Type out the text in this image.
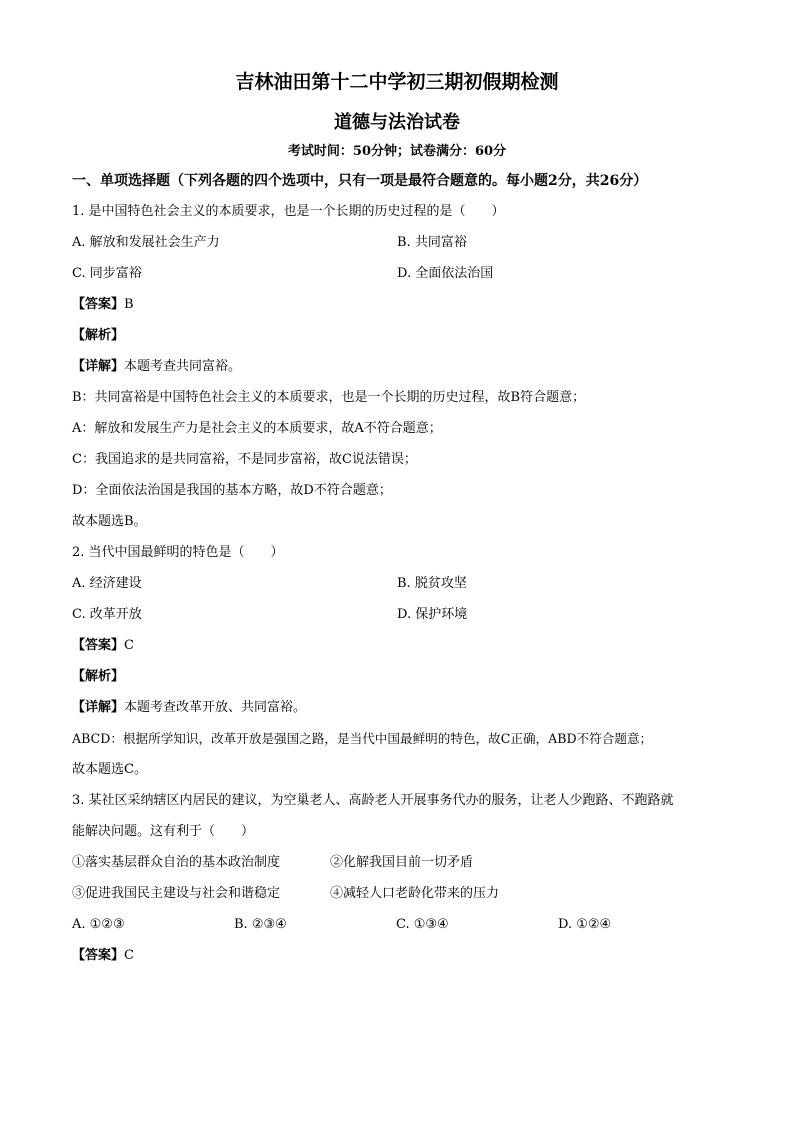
吉林油田第十二中学初三期初假期检测
道德与法治试卷
考试时间：50分钟；试卷满分：60分
一、单项选择题（下列各题的四个选项中，只有一项是最符合题意的。每小题2分，共26分）
1. 是中国特色社会主义的本质要求，也是一个长期的历史过程的是（　　）
A. 解放和发展社会生产力	B. 共同富裕
C. 同步富裕	D. 全面依法治国
【答案】B
【解析】
【详解】本题考查共同富裕。
B：共同富裕是中国特色社会主义的本质要求，也是一个长期的历史过程，故B符合题意；
A：解放和发展生产力是社会主义的本质要求，故A不符合题意；
C：我国追求的是共同富裕，不是同步富裕，故C说法错误；
D：全面依法治国是我国的基本方略，故D不符合题意；
故本题选B。
2. 当代中国最鲜明的特色是（　　）
A. 经济建设	B. 脱贫攻坚
C. 改革开放	D. 保护环境
【答案】C
【解析】
【详解】本题考查改革开放、共同富裕。
ABCD：根据所学知识，改革开放是强国之路，是当代中国最鲜明的特色，故C正确，ABD不符合题意；
故本题选C。
3. 某社区采纳辖区内居民的建议，为空巢老人、高龄老人开展事务代办的服务，让老人少跑路、不跑路就
能解决问题。这有利于（　　）
①落实基层群众自治的基本政治制度	②化解我国目前一切矛盾
③促进我国民主建设与社会和谐稳定	④减轻人口老龄化带来的压力
A. ①②③	B. ②③④	C. ①③④	D. ①②④
【答案】C
